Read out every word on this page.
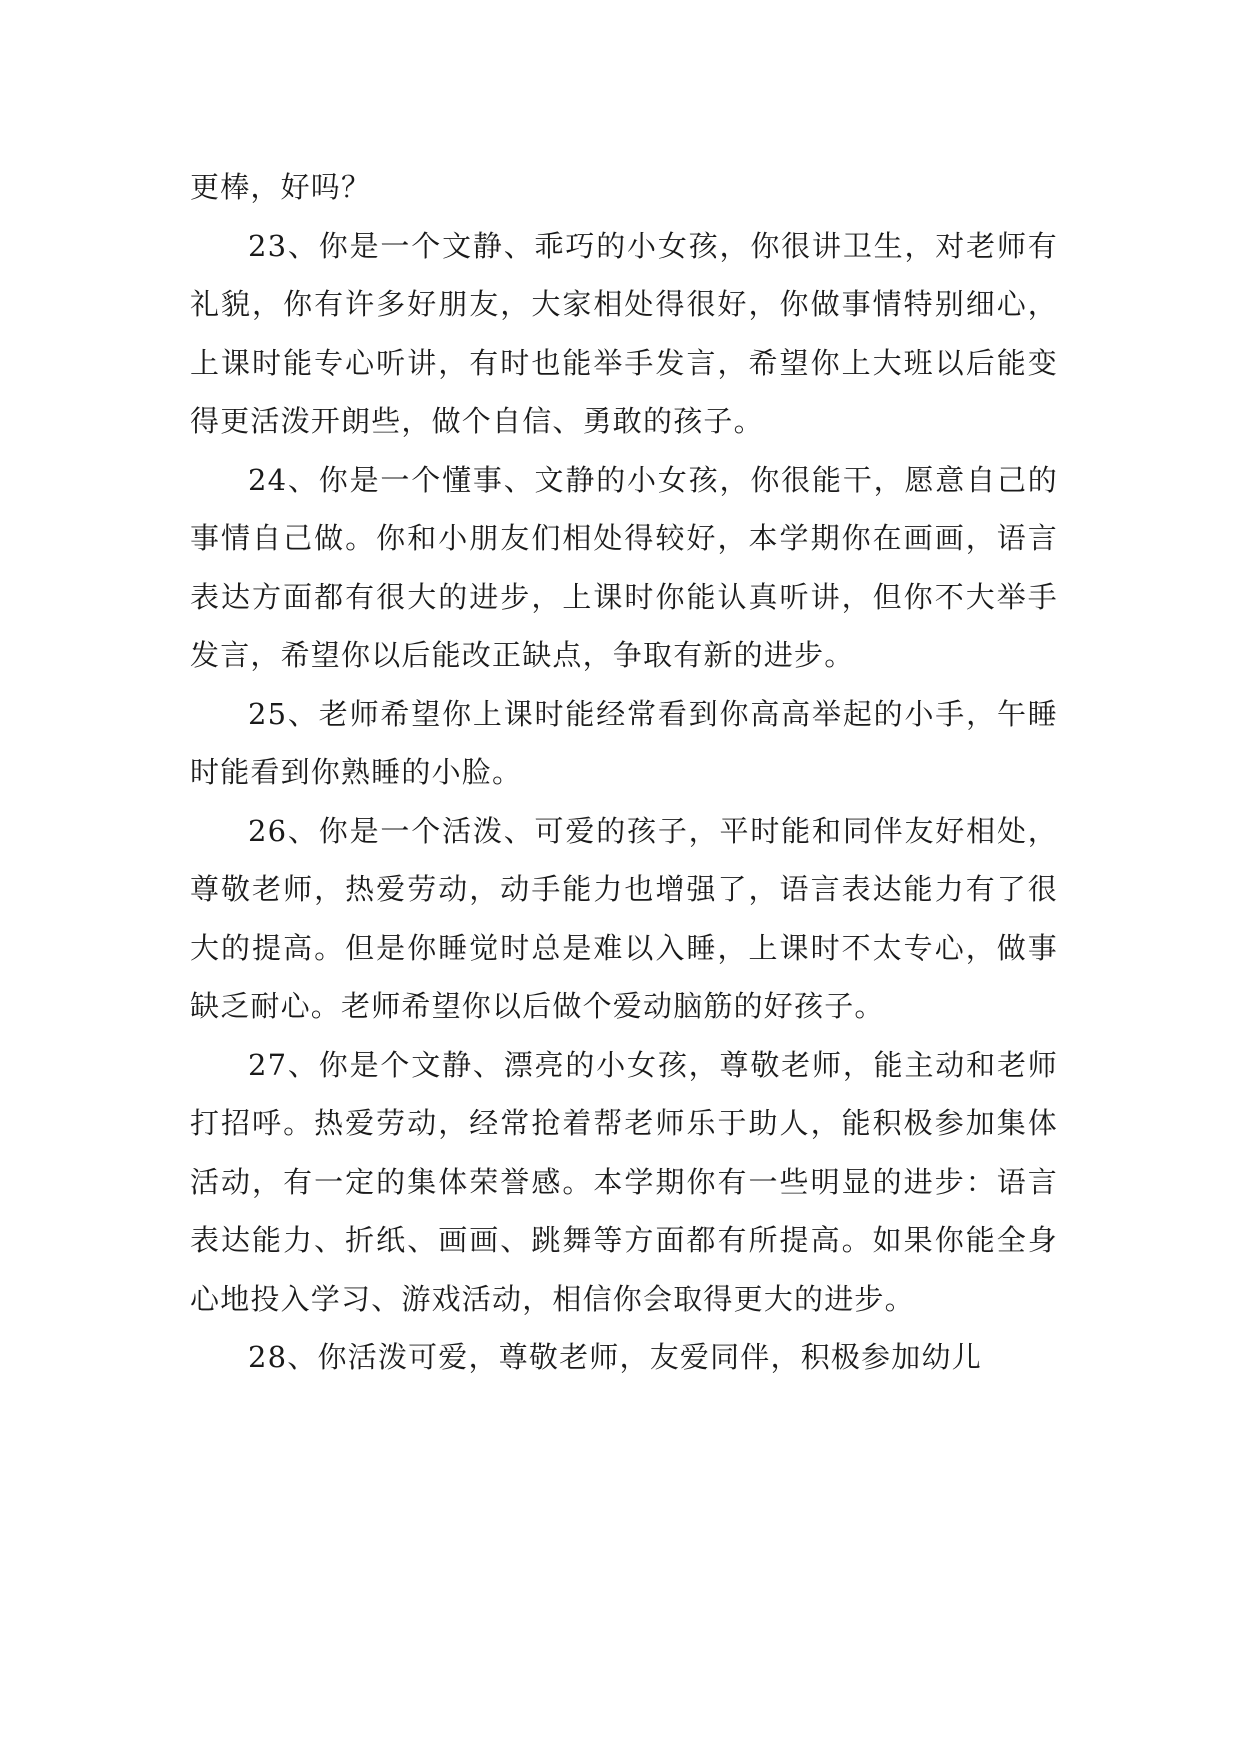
更棒，好吗？

23、你是一个文静、乖巧的小女孩，你很讲卫生，对老师有礼貌，你有许多好朋友，大家相处得很好，你做事情特别细心，上课时能专心听讲，有时也能举手发言，希望你上大班以后能变得更活泼开朗些，做个自信、勇敢的孩子。

24、你是一个懂事、文静的小女孩，你很能干，愿意自己的事情自己做。你和小朋友们相处得较好，本学期你在画画，语言表达方面都有很大的进步，上课时你能认真听讲，但你不大举手发言，希望你以后能改正缺点，争取有新的进步。

25、老师希望你上课时能经常看到你高高举起的小手，午睡时能看到你熟睡的小脸。

26、你是一个活泼、可爱的孩子，平时能和同伴友好相处，尊敬老师，热爱劳动，动手能力也增强了，语言表达能力有了很大的提高。但是你睡觉时总是难以入睡，上课时不太专心，做事缺乏耐心。老师希望你以后做个爱动脑筋的好孩子。

27、你是个文静、漂亮的小女孩，尊敬老师，能主动和老师打招呼。热爱劳动，经常抢着帮老师乐于助人，能积极参加集体活动，有一定的集体荣誉感。本学期你有一些明显的进步：语言表达能力、折纸、画画、跳舞等方面都有所提高。如果你能全身心地投入学习、游戏活动，相信你会取得更大的进步。

28、你活泼可爱，尊敬老师，友爱同伴，积极参加幼儿
